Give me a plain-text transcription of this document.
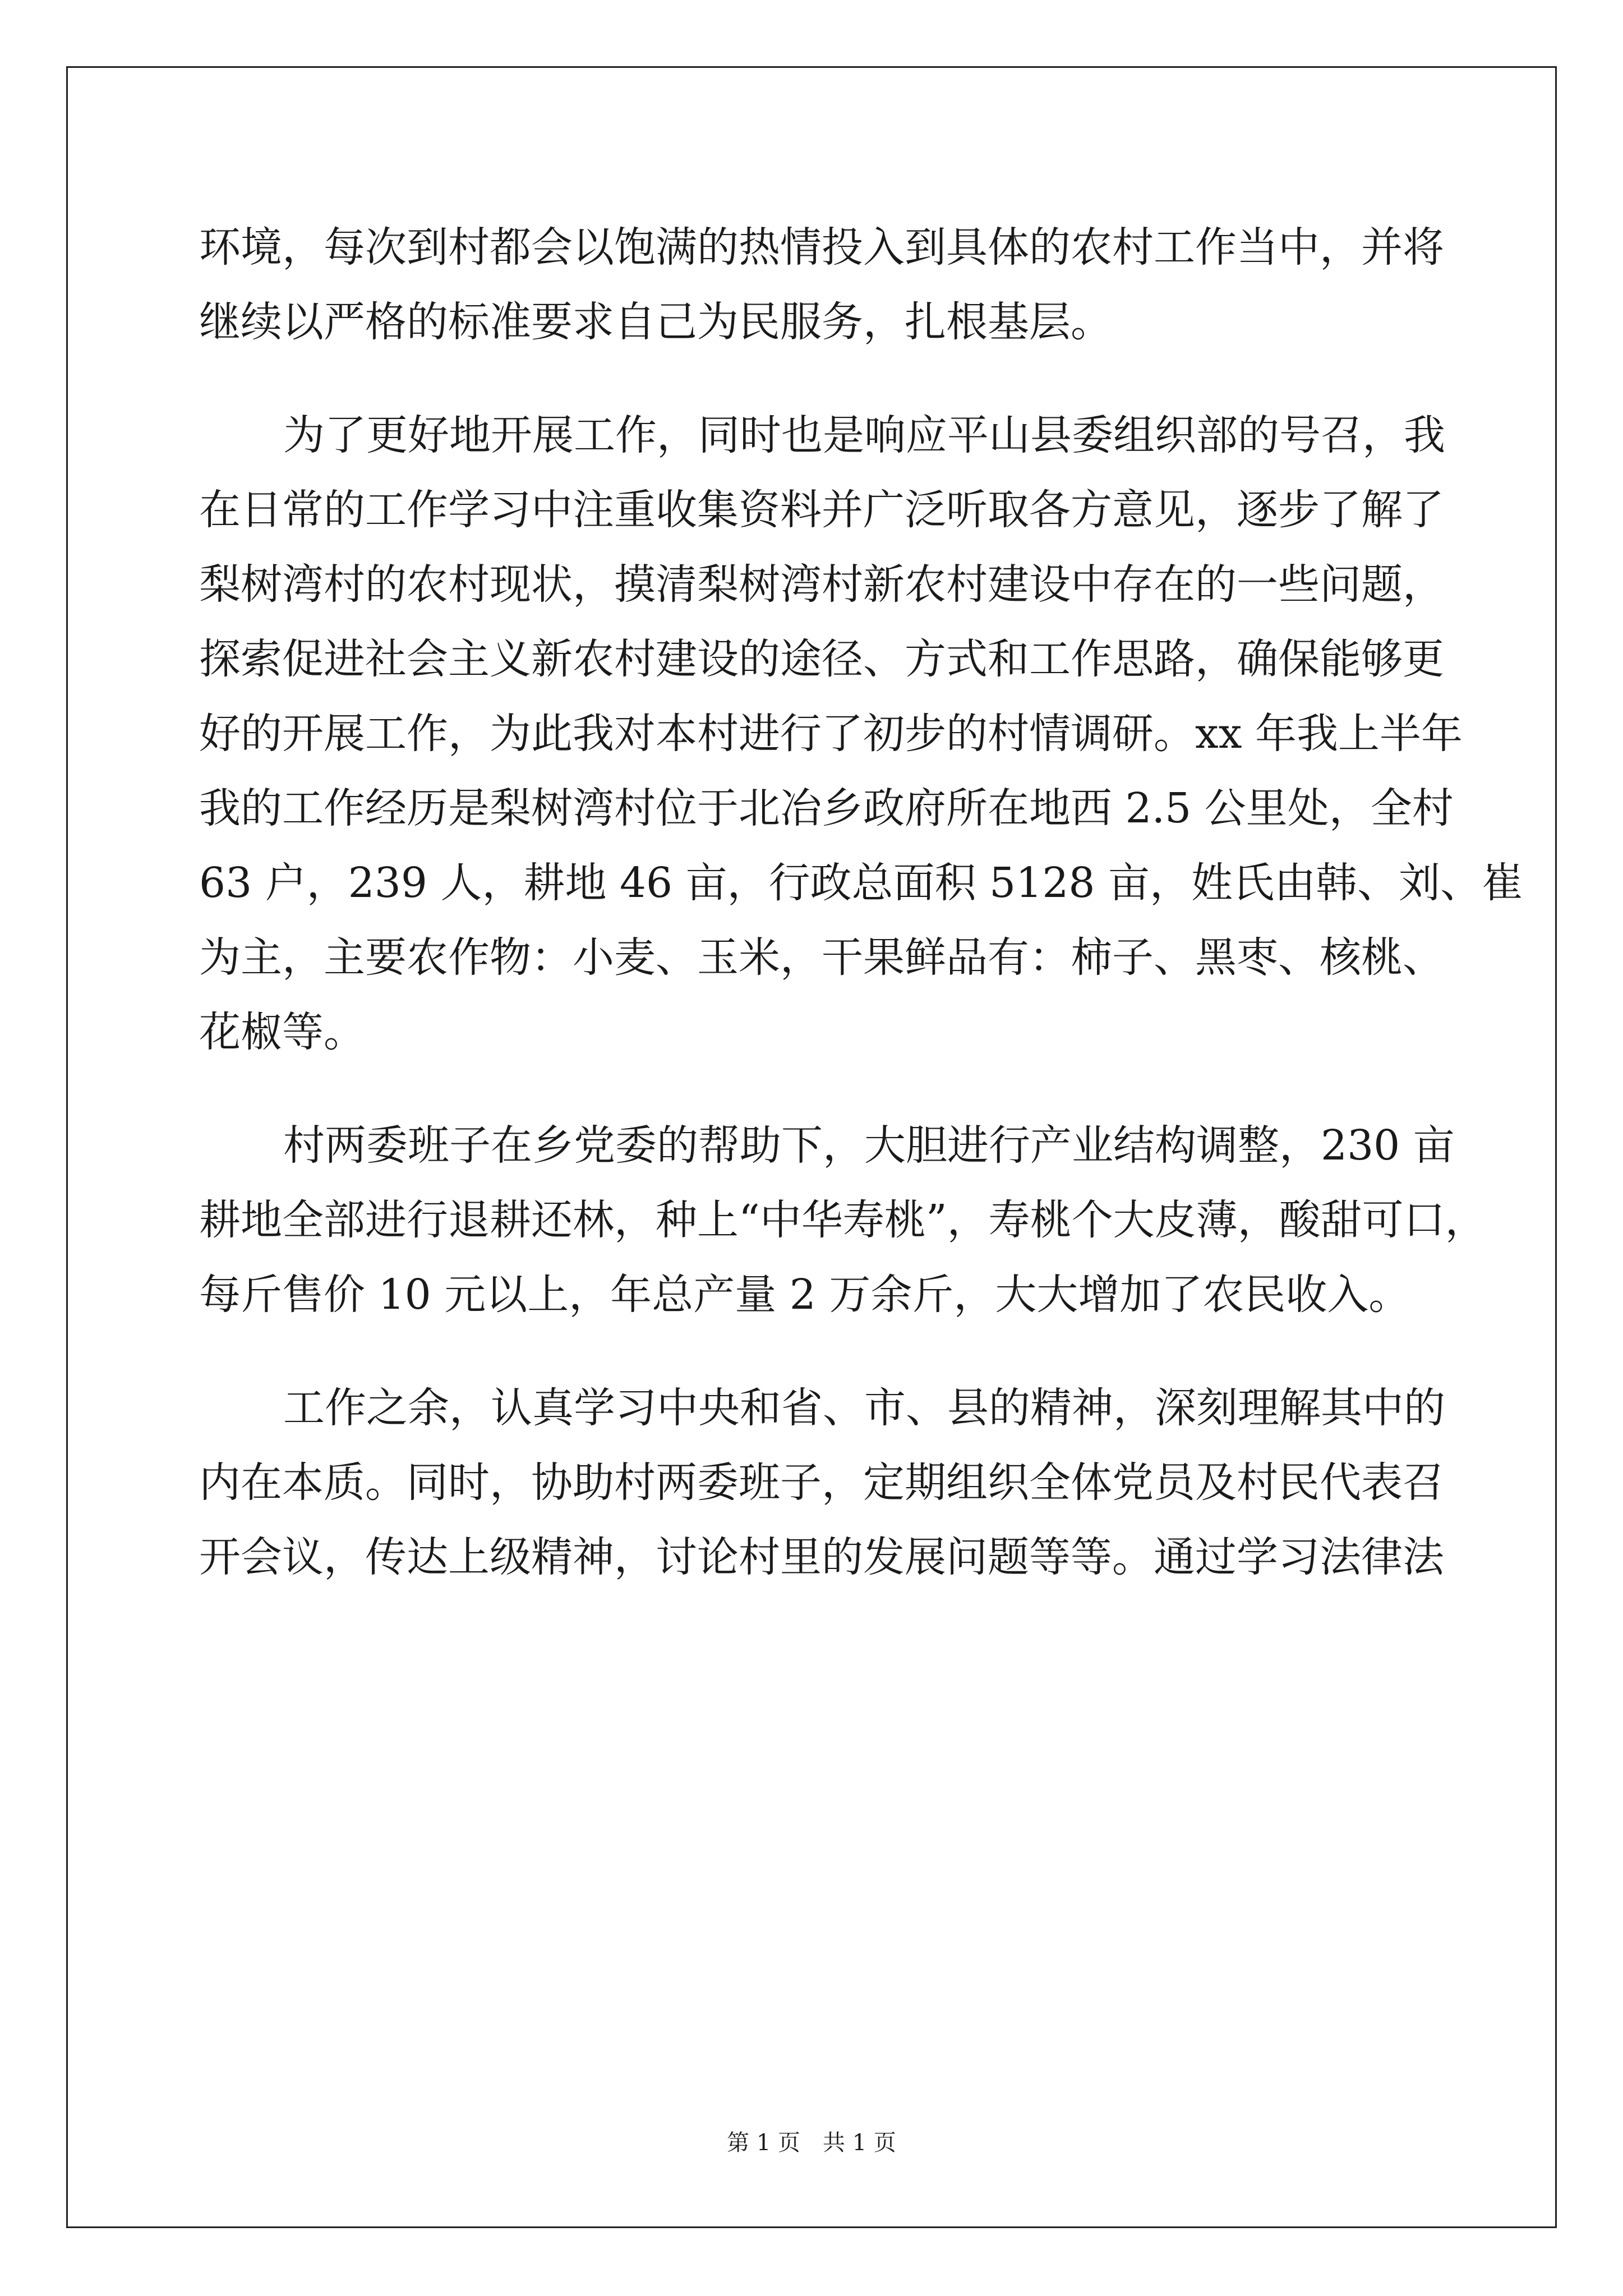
环境，每次到村都会以饱满的热情投入到具体的农村工作当中，并将
继续以严格的标准要求自己为民服务，扎根基层。
为了更好地开展工作，同时也是响应平山县委组织部的号召，我
在日常的工作学习中注重收集资料并广泛听取各方意见，逐步了解了
梨树湾村的农村现状，摸清梨树湾村新农村建设中存在的一些问题，
探索促进社会主义新农村建设的途径、方式和工作思路，确保能够更
好的开展工作，为此我对本村进行了初步的村情调研。xx 年我上半年
我的工作经历是梨树湾村位于北冶乡政府所在地西 2.5 公里处，全村
63 户，239 人，耕地 46 亩，行政总面积 5128 亩，姓氏由韩、刘、崔
为主，主要农作物：小麦、玉米，干果鲜品有：柿子、黑枣、核桃、
花椒等。
村两委班子在乡党委的帮助下，大胆进行产业结构调整，230 亩
耕地全部进行退耕还林，种上“中华寿桃”，寿桃个大皮薄，酸甜可口，
每斤售价 10 元以上，年总产量 2 万余斤，大大增加了农民收入。
工作之余，认真学习中央和省、市、县的精神，深刻理解其中的
内在本质。同时，协助村两委班子，定期组织全体党员及村民代表召
开会议，传达上级精神，讨论村里的发展问题等等。通过学习法律法
第 1 页　共 1 页
